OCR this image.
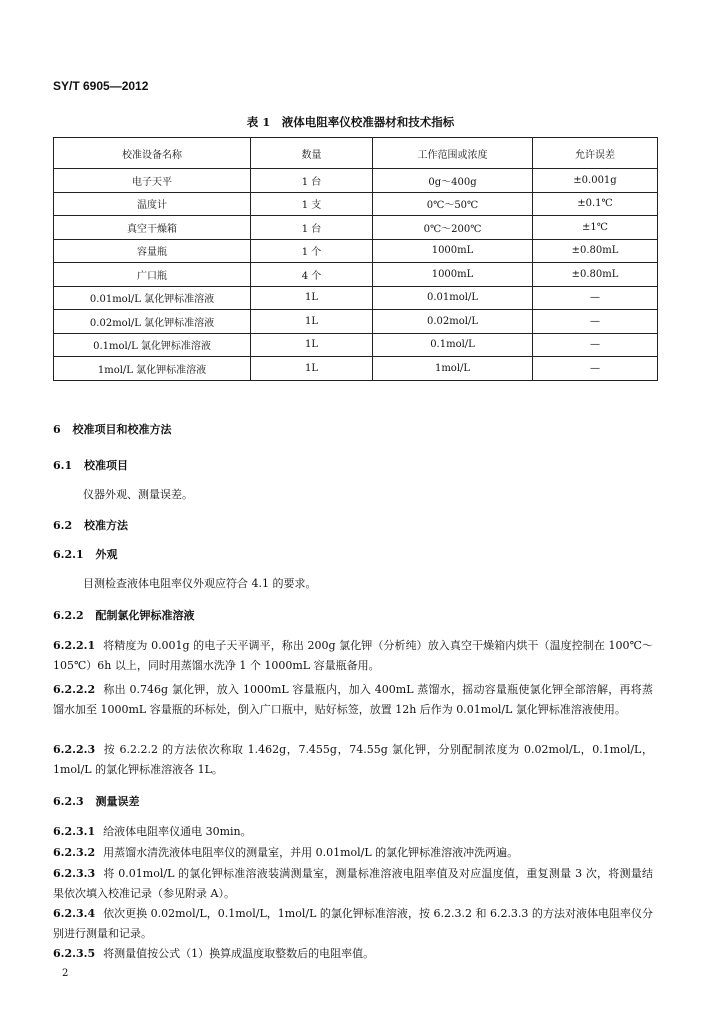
SY/T 6905—2012
表 1　液体电阻率仪校准器材和技术指标
校准设备名称	数量	工作范围或浓度	允许误差
电子天平	1 台	0g～400g	±0.001g
温度计	1 支	0℃～50℃	±0.1℃
真空干燥箱	1 台	0℃～200℃	±1℃
容量瓶	1 个	1000mL	±0.80mL
广口瓶	4 个	1000mL	±0.80mL
0.01mol/L 氯化钾标准溶液	1L	0.01mol/L	—
0.02mol/L 氯化钾标准溶液	1L	0.02mol/L	—
0.1mol/L 氯化钾标准溶液	1L	0.1mol/L	—
1mol/L 氯化钾标准溶液	1L	1mol/L	—
6 校准项目和校准方法
6.1 校准项目
仪器外观、测量误差。
6.2 校准方法
6.2.1 外观
目测检查液体电阻率仪外观应符合 4.1 的要求。
6.2.2 配制氯化钾标准溶液
6.2.2.1 将精度为 0.001g 的电子天平调平，称出 200g 氯化钾（分析纯）放入真空干燥箱内烘干（温度控制在 100℃～105℃）6h 以上，同时用蒸馏水洗净 1 个 1000mL 容量瓶备用。
6.2.2.2 称出 0.746g 氯化钾，放入 1000mL 容量瓶内，加入 400mL 蒸馏水，摇动容量瓶使氯化钾全部溶解，再将蒸馏水加至 1000mL 容量瓶的环标处，倒入广口瓶中，贴好标签，放置 12h 后作为 0.01mol/L 氯化钾标准溶液使用。
6.2.2.3 按 6.2.2.2 的方法依次称取 1.462g，7.455g，74.55g 氯化钾，分别配制浓度为 0.02mol/L，0.1mol/L，1mol/L 的氯化钾标准溶液各 1L。
6.2.3 测量误差
6.2.3.1 给液体电阻率仪通电 30min。
6.2.3.2 用蒸馏水清洗液体电阻率仪的测量室，并用 0.01mol/L 的氯化钾标准溶液冲洗两遍。
6.2.3.3 将 0.01mol/L 的氯化钾标准溶液装满测量室，测量标准溶液电阻率值及对应温度值，重复测量 3 次，将测量结果依次填入校准记录（参见附录 A）。
6.2.3.4 依次更换 0.02mol/L，0.1mol/L，1mol/L 的氯化钾标准溶液，按 6.2.3.2 和 6.2.3.3 的方法对液体电阻率仪分别进行测量和记录。
6.2.3.5 将测量值按公式（1）换算成温度取整数后的电阻率值。
2
